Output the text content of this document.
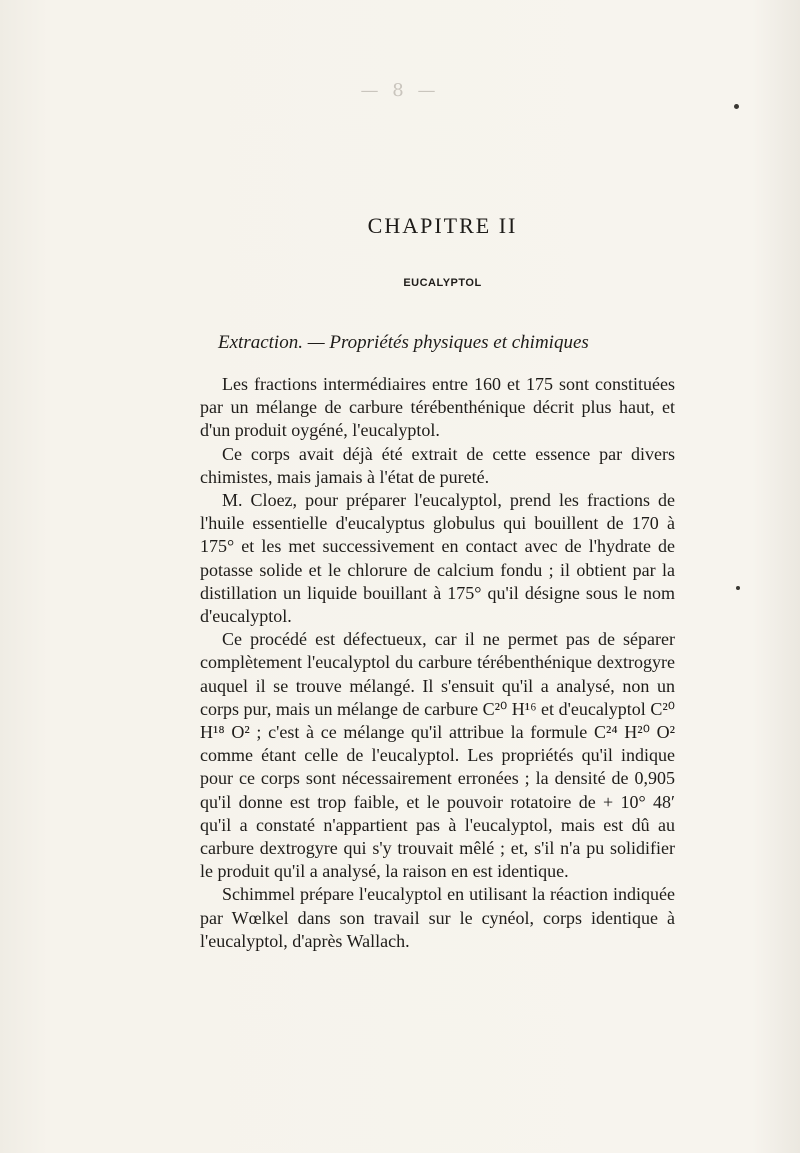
— 8 —

CHAPITRE II
EUCALYPTOL
Extraction. — Propriétés physiques et chimiques

Les fractions intermédiaires entre 160 et 175 sont constituées par un mélange de carbure térébenthénique décrit plus haut, et d'un produit oygéné, l'eucalyptol.

Ce corps avait déjà été extrait de cette essence par divers chimistes, mais jamais à l'état de pureté.

M. Cloez, pour préparer l'eucalyptol, prend les fractions de l'huile essentielle d'eucalyptus globulus qui bouillent de 170 à 175° et les met successivement en contact avec de l'hydrate de potasse solide et le chlorure de calcium fondu ; il obtient par la distillation un liquide bouillant à 175° qu'il désigne sous le nom d'eucalyptol.

Ce procédé est défectueux, car il ne permet pas de séparer complètement l'eucalyptol du carbure térébenthénique dextrogyre auquel il se trouve mélangé. Il s'ensuit qu'il a analysé, non un corps pur, mais un mélange de carbure C²⁰ H¹⁶ et d'eucalyptol C²⁰ H¹⁸ O² ; c'est à ce mélange qu'il attribue la formule C²⁴ H²⁰ O² comme étant celle de l'eucalyptol. Les propriétés qu'il indique pour ce corps sont nécessairement erronées ; la densité de 0,905 qu'il donne est trop faible, et le pouvoir rotatoire de + 10° 48′ qu'il a constaté n'appartient pas à l'eucalyptol, mais est dû au carbure dextrogyre qui s'y trouvait mêlé ; et, s'il n'a pu solidifier le produit qu'il a analysé, la raison en est identique.

Schimmel prépare l'eucalyptol en utilisant la réaction indiquée par Wœlkel dans son travail sur le cynéol, corps identique à l'eucalyptol, d'après Wallach.
